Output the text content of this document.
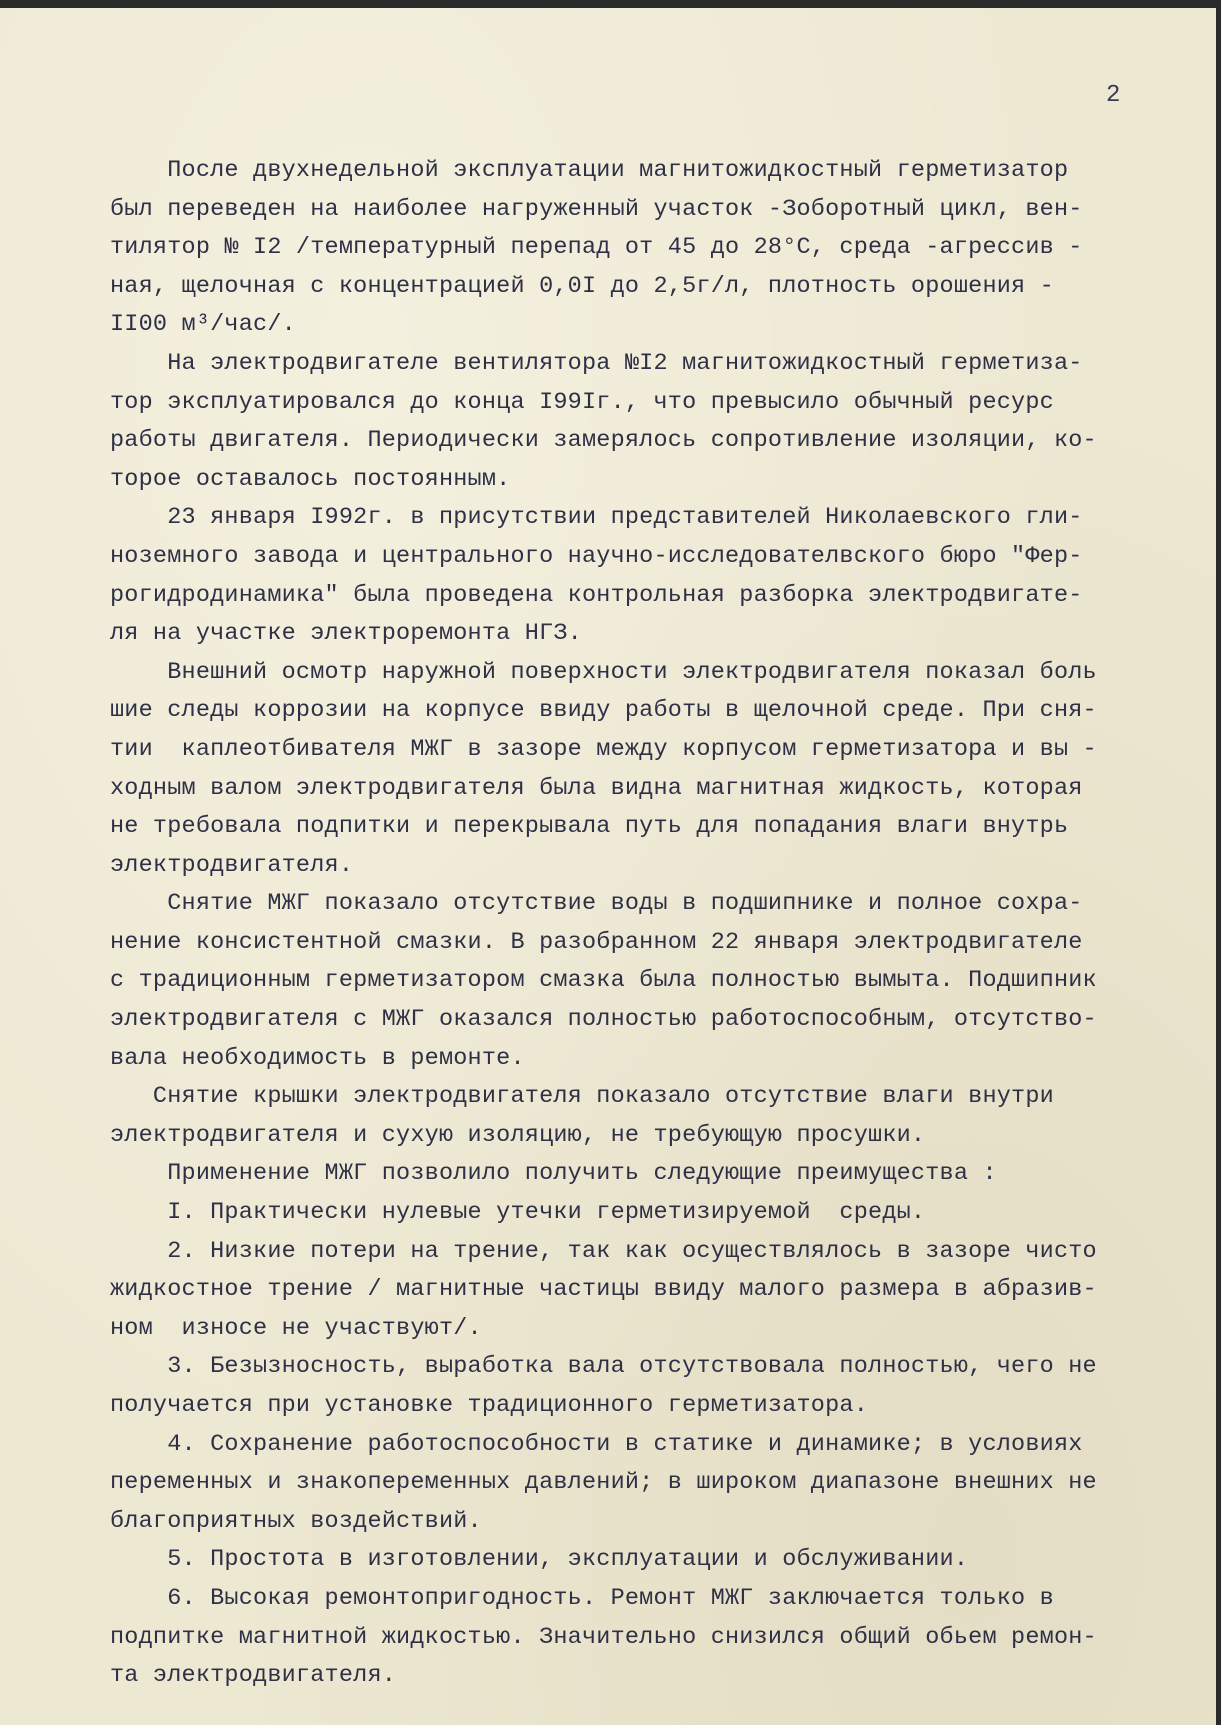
2
После двухнедельной эксплуатации магнитожидкостный герметизатор
был переведен на наиболее нагруженный участок -Зоборотный цикл, вен-
тилятор № I2 /температурный перепад от 45 до 28°С, среда -агрессив -
ная, щелочная с концентрацией 0,0I до 2,5г/л, плотность орошения -
II00 м³/час/.
На электродвигателе вентилятора №I2 магнитожидкостный герметиза-
тор эксплуатировался до конца I99Iг., что превысило обычный ресурс
работы двигателя. Периодически замерялось сопротивление изоляции, ко-
торое оставалось постоянным.
23 января I992г. в присутствии представителей Николаевского гли-
ноземного завода и центрального научно-исследователвского бюро "Фер-
рогидродинамика" была проведена контрольная разборка электродвигате-
ля на участке электроремонта НГЗ.
Внешний осмотр наружной поверхности электродвигателя показал боль
шие следы коррозии на корпусе ввиду работы в щелочной среде. При сня-
тии  каплеотбивателя МЖГ в зазоре между корпусом герметизатора и вы -
ходным валом электродвигателя была видна магнитная жидкость, которая
не требовала подпитки и перекрывала путь для попадания влаги внутрь
электродвигателя.
Снятие МЖГ показало отсутствие воды в подшипнике и полное сохра-
нение консистентной смазки. В разобранном 22 января электродвигателе
с традиционным герметизатором смазка была полностью вымыта. Подшипник
электродвигателя с МЖГ оказался полностью работоспособным, отсутство-
вала необходимость в ремонте.
Снятие крышки электродвигателя показало отсутствие влаги внутри
электродвигателя и сухую изоляцию, не требующую просушки.
Применение МЖГ позволило получить следующие преимущества :
I. Практически нулевые утечки герметизируемой  среды.
2. Низкие потери на трение, так как осуществлялось в зазоре чисто
жидкостное трение / магнитные частицы ввиду малого размера в абразив-
ном  износе не участвуют/.
3. Безызносность, выработка вала отсутствовала полностью, чего не
получается при установке традиционного герметизатора.
4. Сохранение работоспособности в статике и динамике; в условиях
переменных и знакопеременных давлений; в широком диапазоне внешних не
благоприятных воздействий.
5. Простота в изготовлении, эксплуатации и обслуживании.
6. Высокая ремонтопригодность. Ремонт МЖГ заключается только в
подпитке магнитной жидкостью. Значительно снизился общий обьем ремон-
та электродвигателя.
